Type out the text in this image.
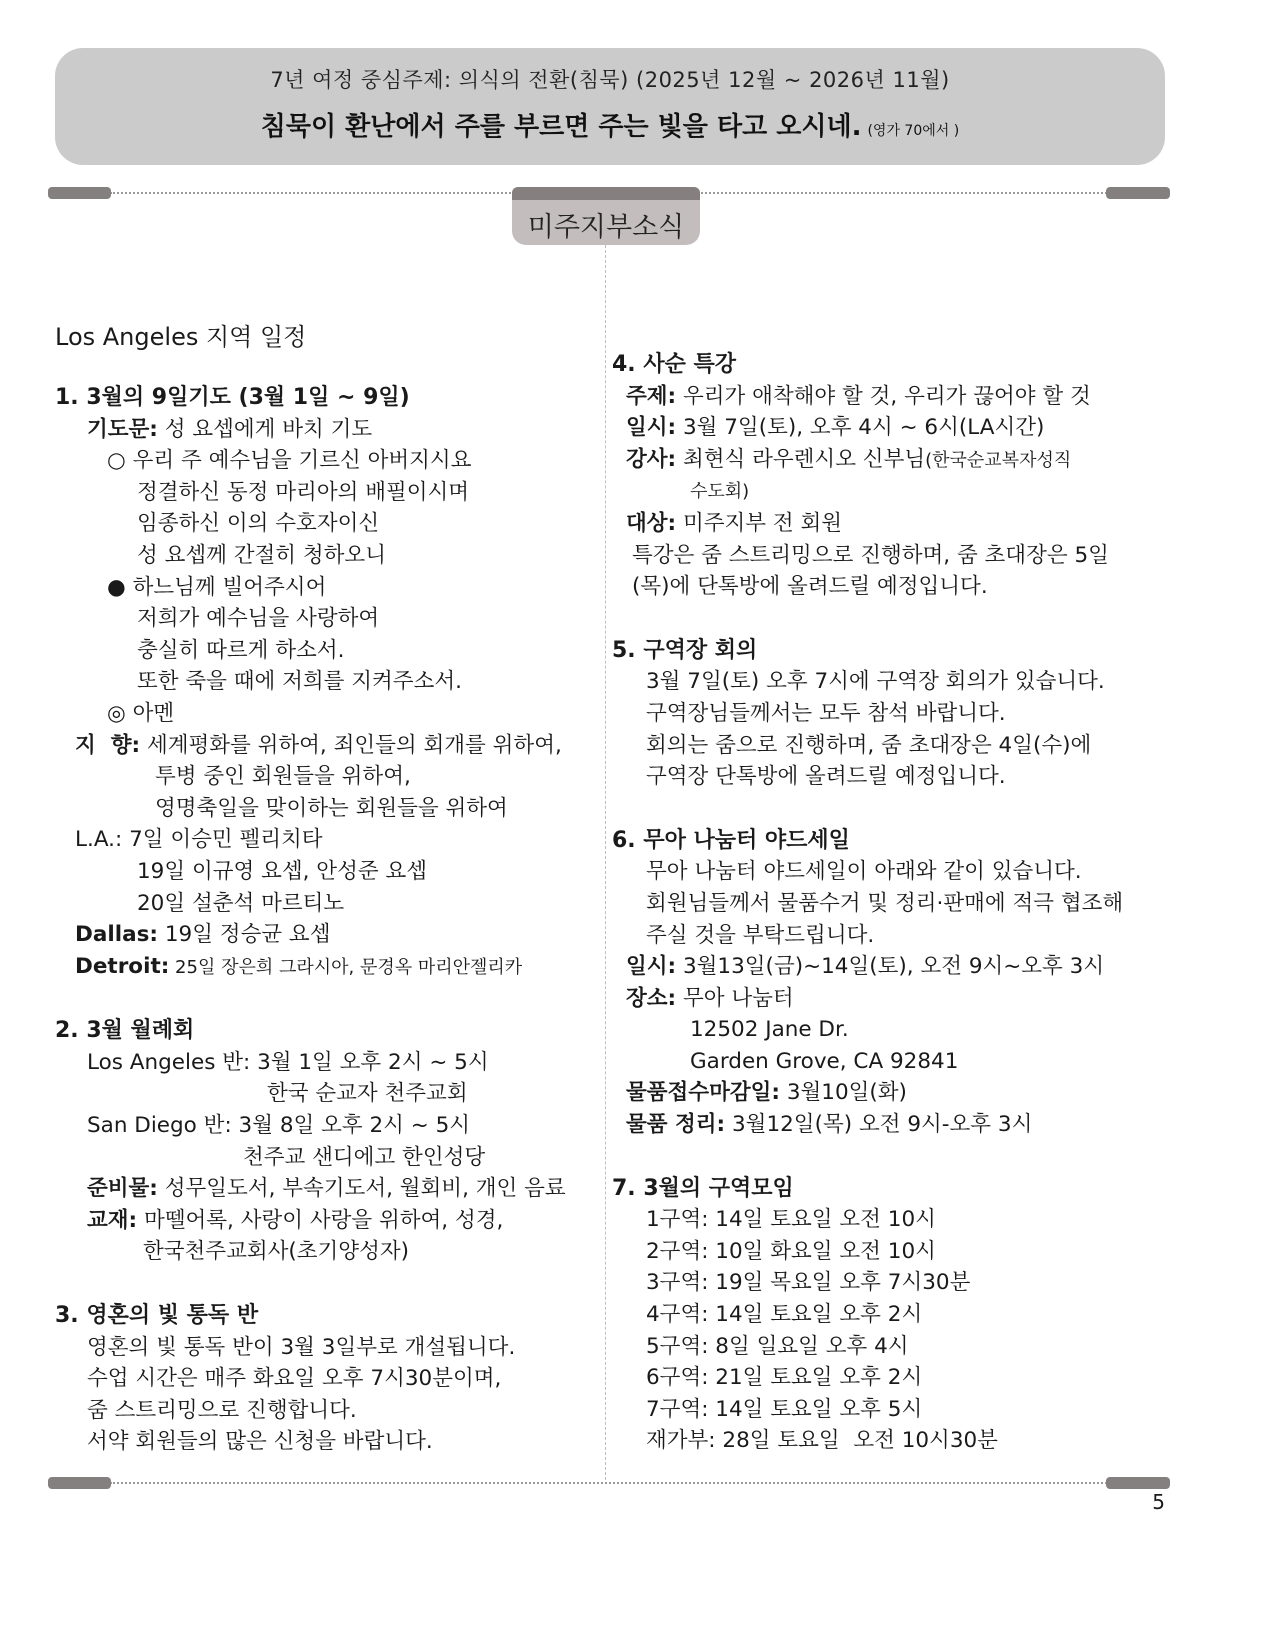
7년 여정 중심주제: 의식의 전환(침묵) (2025년 12월 ~ 2026년 11월)
침묵이 환난에서 주를 부르면 주는 빛을 타고 오시네. (영가 70에서 )
미주지부소식
Los Angeles 지역 일정
1. 3월의 9일기도 (3월 1일 ~ 9일)
기도문: 성 요셉에게 바치 기도
○ 우리 주 예수님을 기르신 아버지시요
정결하신 동정 마리아의 배필이시며
임종하신 이의 수호자이신
성 요셉께 간절히 청하오니
● 하느님께 빌어주시어
저희가 예수님을 사랑하여
충실히 따르게 하소서.
또한 죽을 때에 저희를 지켜주소서.
◎ 아멘
지  향: 세계평화를 위하여, 죄인들의 회개를 위하여,
투병 중인 회원들을 위하여,
영명축일을 맞이하는 회원들을 위하여
L.A.: 7일 이승민 펠리치타
19일 이규영 요셉, 안성준 요셉
20일 설춘석 마르티노
Dallas: 19일 정승균 요셉
Detroit: 25일 장은희 그라시아, 문경옥 마리안젤리카
2. 3월 월례회
Los Angeles 반: 3월 1일 오후 2시 ~ 5시
한국 순교자 천주교회
San Diego 반: 3월 8일 오후 2시 ~ 5시
천주교 샌디에고 한인성당
준비물: 성무일도서, 부속기도서, 월회비, 개인 음료
교재: 마뗄어록, 사랑이 사랑을 위하여, 성경,
한국천주교회사(초기양성자)
3. 영혼의 빛 통독 반
영혼의 빛 통독 반이 3월 3일부로 개설됩니다.
수업 시간은 매주 화요일 오후 7시30분이며,
줌 스트리밍으로 진행합니다.
서약 회원들의 많은 신청을 바랍니다.
4. 사순 특강
주제: 우리가 애착해야 할 것, 우리가 끊어야 할 것
일시: 3월 7일(토), 오후 4시 ~ 6시(LA시간)
강사: 최현식 라우렌시오 신부님(한국순교복자성직
수도회)
대상: 미주지부 전 회원
특강은 줌 스트리밍으로 진행하며, 줌 초대장은 5일
(목)에 단톡방에 올려드릴 예정입니다.
5. 구역장 회의
3월 7일(토) 오후 7시에 구역장 회의가 있습니다.
구역장님들께서는 모두 참석 바랍니다.
회의는 줌으로 진행하며, 줌 초대장은 4일(수)에
구역장 단톡방에 올려드릴 예정입니다.
6. 무아 나눔터 야드세일
무아 나눔터 야드세일이 아래와 같이 있습니다.
회원님들께서 물품수거 및 정리·판매에 적극 협조해
주실 것을 부탁드립니다.
일시: 3월13일(금)~14일(토), 오전 9시~오후 3시
장소: 무아 나눔터
12502 Jane Dr.
Garden Grove, CA 92841
물품접수마감일: 3월10일(화)
물품 정리: 3월12일(목) 오전 9시-오후 3시
7. 3월의 구역모임
1구역: 14일 토요일 오전 10시
2구역: 10일 화요일 오전 10시
3구역: 19일 목요일 오후 7시30분
4구역: 14일 토요일 오후 2시
5구역: 8일 일요일 오후 4시
6구역: 21일 토요일 오후 2시
7구역: 14일 토요일 오후 5시
재가부: 28일 토요일  오전 10시30분
5
